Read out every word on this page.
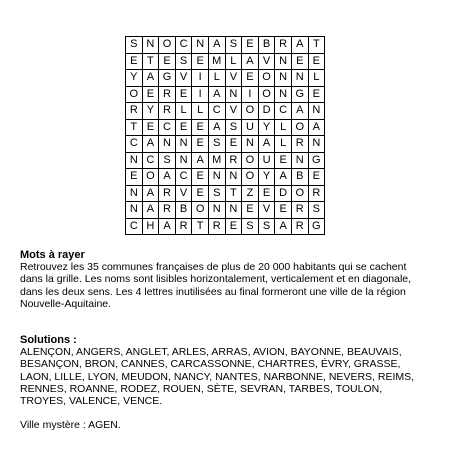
S N O C N A S E B R A T
E T E S E M L A V N E E
Y A G V	I	L V E O N N L
O E R E	I	A N	I O N G E
R Y R L L C V O D C A N
T E C E E A S U Y L O A
C A N N E S E N A L R N
N C S N A M R O U E N G
E O A C E N N O Y A B E
N A R V E S T Z E D O R
N A R B O N N E V E R S
C H A R T R E S S A R G
Mots à rayer
Retrouvez les 35 communes françaises de plus de 20 000 habitants qui se cachent
dans la grille. Les noms sont lisibles horizontalement, verticalement et en diagonale,
dans les deux sens. Les 4 lettres inutilisées au final formeront une ville de la région
Nouvelle-Aquitaine.
Solutions :
ALENÇON, ANGERS, ANGLET, ARLES, ARRAS, AVION, BAYONNE, BEAUVAIS,
BESANÇON, BRON, CANNES, CARCASSONNE, CHARTRES, ÉVRY, GRASSE,
LAON, LILLE, LYON, MEUDON, NANCY, NANTES, NARBONNE, NEVERS, REIMS,
RENNES, ROANNE, RODEZ, ROUEN, SÈTE, SEVRAN, TARBES, TOULON,
TROYES, VALENCE, VENCE.
Ville mystère : AGEN.
